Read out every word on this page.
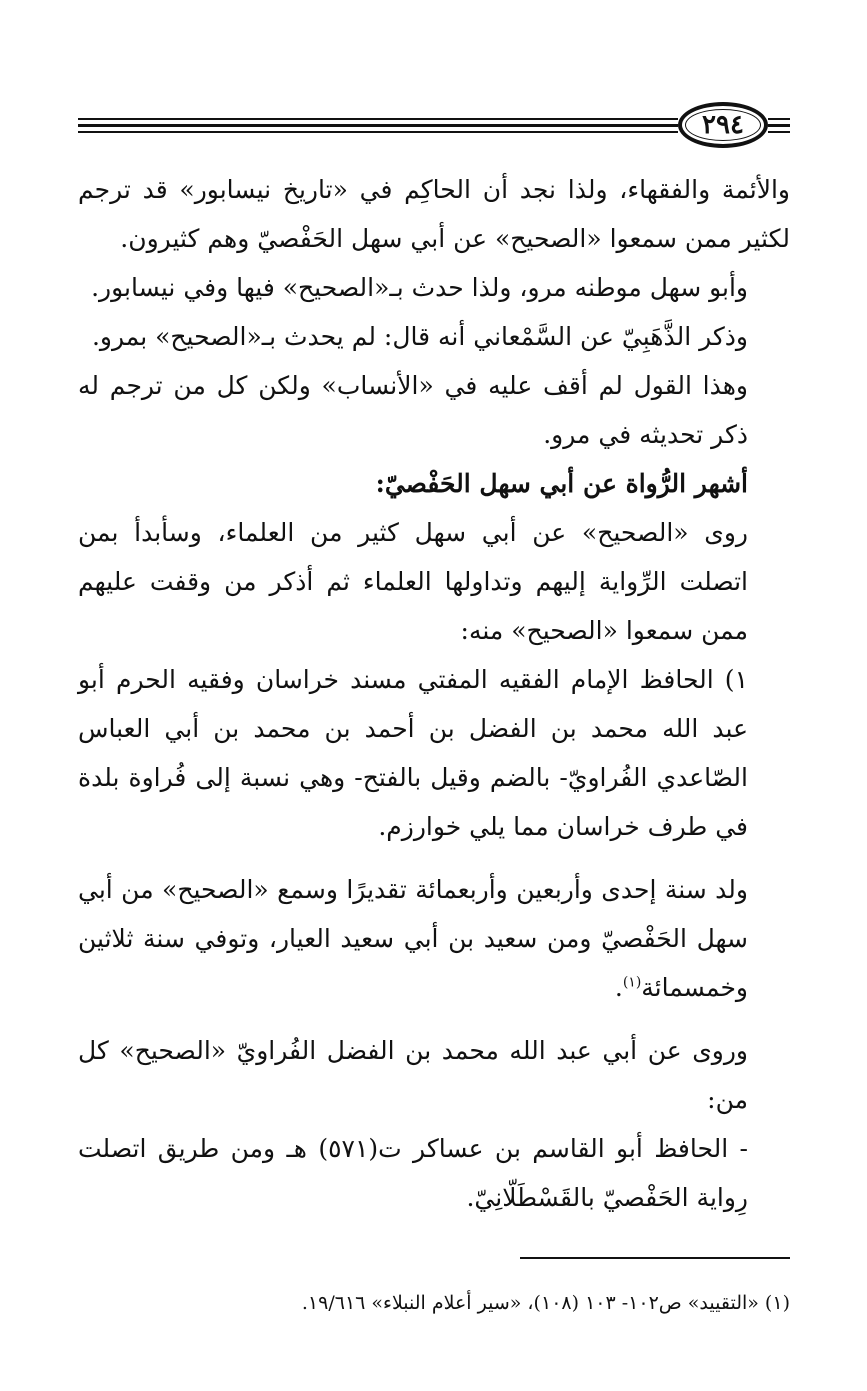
٢٩٤

والأئمة والفقهاء، ولذا نجد أن الحاكِم في «تاريخ نيسابور» قد ترجم لكثير ممن سمعوا «الصحيح» عن أبي سهل الحَفْصيّ وهم كثيرون.

وأبو سهل موطنه مرو، ولذا حدث بـ«الصحيح» فيها وفي نيسابور.

وذكر الذَّهَبِيّ عن السَّمْعاني أنه قال: لم يحدث بـ«الصحيح» بمرو.

وهذا القول لم أقف عليه في «الأنساب» ولكن كل من ترجم له ذكر تحديثه في مرو.

أشهر الرُّواة عن أبي سهل الحَفْصيّ:

روى «الصحيح» عن أبي سهل كثير من العلماء، وسأبدأ بمن اتصلت الرِّواية إليهم وتداولها العلماء ثم أذكر من وقفت عليهم ممن سمعوا «الصحيح» منه:

١) الحافظ الإمام الفقيه المفتي مسند خراسان وفقيه الحرم أبو عبد الله محمد بن الفضل بن أحمد بن محمد بن أبي العباس الصّاعدي الفُراويّ- بالضم وقيل بالفتح- وهي نسبة إلى فُراوة بلدة في طرف خراسان مما يلي خوارزم.

ولد سنة إحدى وأربعين وأربعمائة تقديرًا وسمع «الصحيح» من أبي سهل الحَفْصيّ ومن سعيد بن أبي سعيد العيار، وتوفي سنة ثلاثين وخمسمائة$^{(١)}$.

وروى عن أبي عبد الله محمد بن الفضل الفُراويّ «الصحيح» كل من:

- الحافظ أبو القاسم بن عساكر ت(٥٧١) هـ ومن طريق اتصلت رِواية الحَفْصيّ بالقَسْطَلّانِيّ.

(١) «التقييد» ص١٠٢- ١٠٣ (١٠٨)، «سير أعلام النبلاء» ١٩/٦١٦.
